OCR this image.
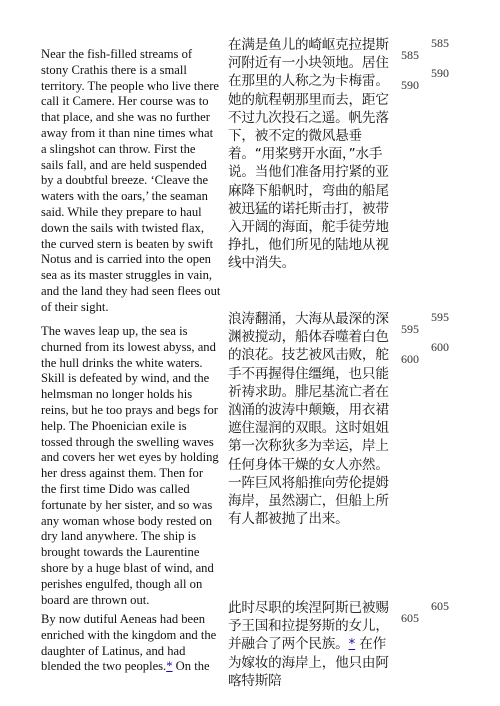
Near the fish-filled streams of stony Crathis there is a small territory. The people who live there call it Camere. Her course was to that place, and she was no further away from it than nine times what a slingshot can throw. First the sails fall, and are held suspended by a doubtful breeze. ‘Cleave the waters with the oars,’ the seaman said. While they prepare to haul down the sails with twisted flax, the curved stern is beaten by swift Notus and is carried into the open sea as its master struggles in vain, and the land they had seen flees out of their sight.

在满是鱼儿的崎岖克拉提斯河附近有一小块领地。居住在那里的人称之为卡梅雷。她的航程朝那里而去，距它不过九次投石之遥。帆先落下，被不定的微风悬垂着。“用桨劈开水面，”水手说。当他们准备用拧紧的亚麻降下船帆时，弯曲的船尾被迅猛的诺托斯击打，被带入开阔的海面，舵手徒劳地挣扎，他们所见的陆地从视线中消失。

585
590
585
590

The waves leap up, the sea is churned from its lowest abyss, and the hull drinks the white waters. Skill is defeated by wind, and the helmsman no longer holds his reins, but he too prays and begs for help. The Phoenician exile is tossed through the swelling waves and covers her wet eyes by holding her dress against them. Then for the first time Dido was called fortunate by her sister, and so was any woman whose body rested on dry land anywhere. The ship is brought towards the Laurentine shore by a huge blast of wind, and perishes engulfed, though all on board are thrown out.

浪涛翻涌，大海从最深的深渊被搅动，船体吞噬着白色的浪花。技艺被风击败，舵手不再握得住缰绳，也只能祈祷求助。腓尼基流亡者在汹涌的波涛中颠簸，用衣裙遮住湿润的双眼。这时姐姐第一次称狄多为幸运，岸上任何身体干燥的女人亦然。一阵巨风将船推向劳伦提姆海岸，虽然溺亡，但船上所有人都被抛了出来。

595
600
595
600

By now dutiful Aeneas had been enriched with the kingdom and the daughter of Latinus, and had blended the two peoples.* On the

此时尽职的埃涅阿斯已被赐予王国和拉提努斯的女儿，并融合了两个民族。* 在作为嫁妆的海岸上，他只由阿喀特斯陪

605
605
